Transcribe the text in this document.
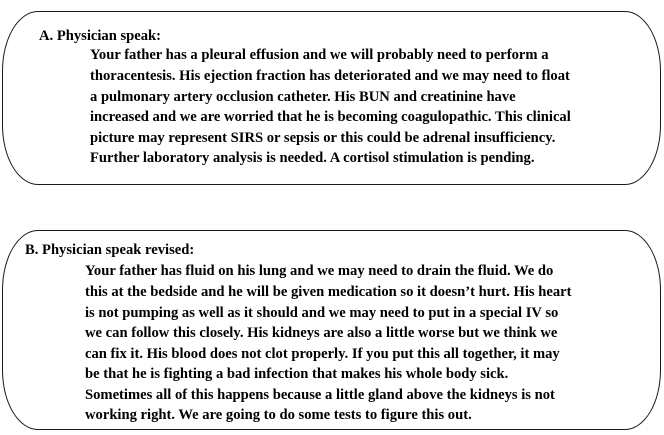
A. Physician speak:
Your father has a pleural effusion and we will probably need to perform a
thoracentesis. His ejection fraction has deteriorated and we may need to float
a pulmonary artery occlusion catheter. His BUN and creatinine have
increased and we are worried that he is becoming coagulopathic. This clinical
picture may represent SIRS or sepsis or this could be adrenal insufficiency.
Further laboratory analysis is needed. A cortisol stimulation is pending.
B. Physician speak revised:
Your father has fluid on his lung and we may need to drain the fluid. We do
this at the bedside and he will be given medication so it doesn’t hurt. His heart
is not pumping as well as it should and we may need to put in a special IV so
we can follow this closely. His kidneys are also a little worse but we think we
can fix it. His blood does not clot properly. If you put this all together, it may
be that he is fighting a bad infection that makes his whole body sick.
Sometimes all of this happens because a little gland above the kidneys is not
working right. We are going to do some tests to figure this out.
